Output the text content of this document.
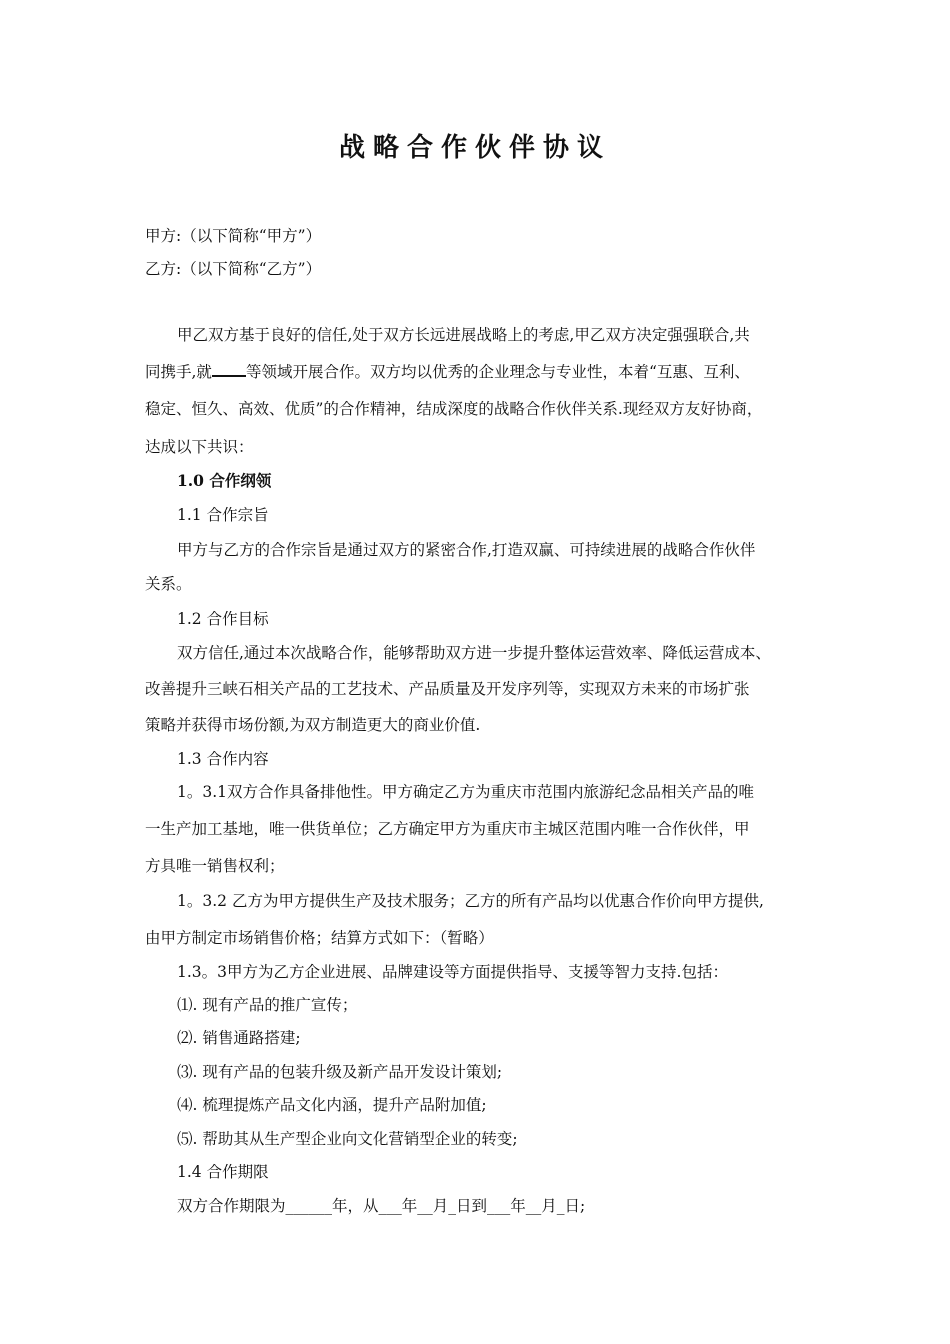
战略合作伙伴协议
甲方:（以下简称“甲方”）
乙方:（以下简称“乙方”）
甲乙双方基于良好的信任,处于双方长远进展战略上的考虑,甲乙双方决定强强联合,共
同携手,就 等领域开展合作。双方均以优秀的企业理念与专业性，本着“互惠、互利、
稳定、恒久、高效、优质”的合作精神，结成深度的战略合作伙伴关系.现经双方友好协商，
达成以下共识：
1.0 合作纲领
1.1 合作宗旨
甲方与乙方的合作宗旨是通过双方的紧密合作,打造双赢、可持续进展的战略合作伙伴
关系。
1.2 合作目标
双方信任,通过本次战略合作，能够帮助双方进一步提升整体运营效率、降低运营成本、
改善提升三峡石相关产品的工艺技术、产品质量及开发序列等，实现双方未来的市场扩张
策略并获得市场份额,为双方制造更大的商业价值.
1.3 合作内容
1。3.1双方合作具备排他性。甲方确定乙方为重庆市范围内旅游纪念品相关产品的唯
一生产加工基地，唯一供货单位；乙方确定甲方为重庆市主城区范围内唯一合作伙伴，甲
方具唯一销售权利；
1。3.2 乙方为甲方提供生产及技术服务；乙方的所有产品均以优惠合作价向甲方提供,
由甲方制定市场销售价格；结算方式如下：（暂略）
1.3。3甲方为乙方企业进展、品牌建设等方面提供指导、支援等智力支持.包括：
⑴. 现有产品的推广宣传；
⑵. 销售通路搭建;
⑶. 现有产品的包装升级及新产品开发设计策划;
⑷. 梳理提炼产品文化内涵，提升产品附加值;
⑸. 帮助其从生产型企业向文化营销型企业的转变;
1.4 合作期限
双方合作期限为______年，从___年__月_日到___年__月_日;
